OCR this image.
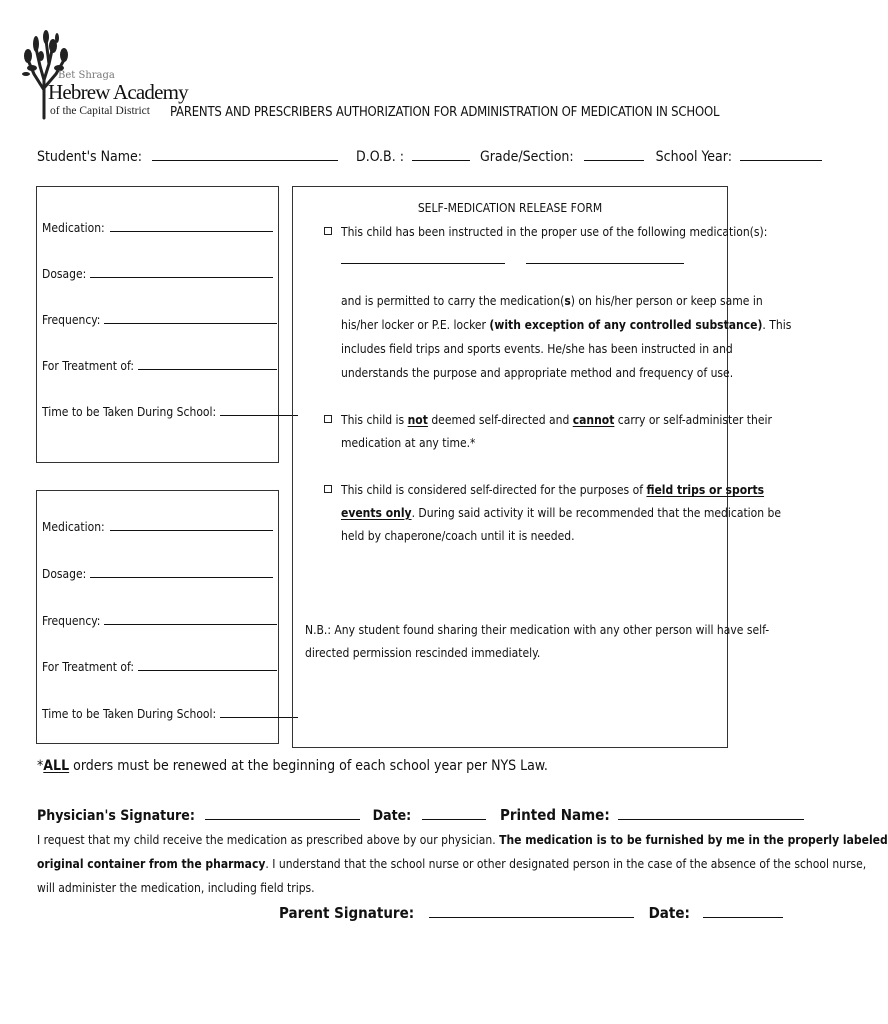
Bet Shraga
Hebrew Academy
of the Capital District PARENTS AND PRESCRIBERS AUTHORIZATION FOR ADMINISTRATION OF MEDICATION IN SCHOOL
Student's Name:	D.O.B. :	Grade/Section:	School Year:
Medication:
Dosage:
Frequency:
For Treatment of:
Time to be Taken During School:
Medication:
Dosage:
Frequency:
For Treatment of:
Time to be Taken During School:
SELF-MEDICATION RELEASE FORM
This child has been instructed in the proper use of the following medication(s):
and is permitted to carry the medication(s) on his/her person or keep same in
his/her locker or P.E. locker (with exception of any controlled substance). This
includes field trips and sports events. He/she has been instructed in and
understands the purpose and appropriate method and frequency of use.
This child is not deemed self-directed and cannot carry or self-administer their
medication at any time.*
This child is considered self-directed for the purposes of field trips or sports
events only. During said activity it will be recommended that the medication be
held by chaperone/coach until it is needed.
N.B.: Any student found sharing their medication with any other person will have self-
directed permission rescinded immediately.
*ALL orders must be renewed at the beginning of each school year per NYS Law.
Physician's Signature:	Date:	Printed Name:
I request that my child receive the medication as prescribed above by our physician. The medication is to be furnished by me in the properly labeled
original container from the pharmacy. I understand that the school nurse or other designated person in the case of the absence of the school nurse,
will administer the medication, including field trips.
Parent Signature:	Date:
